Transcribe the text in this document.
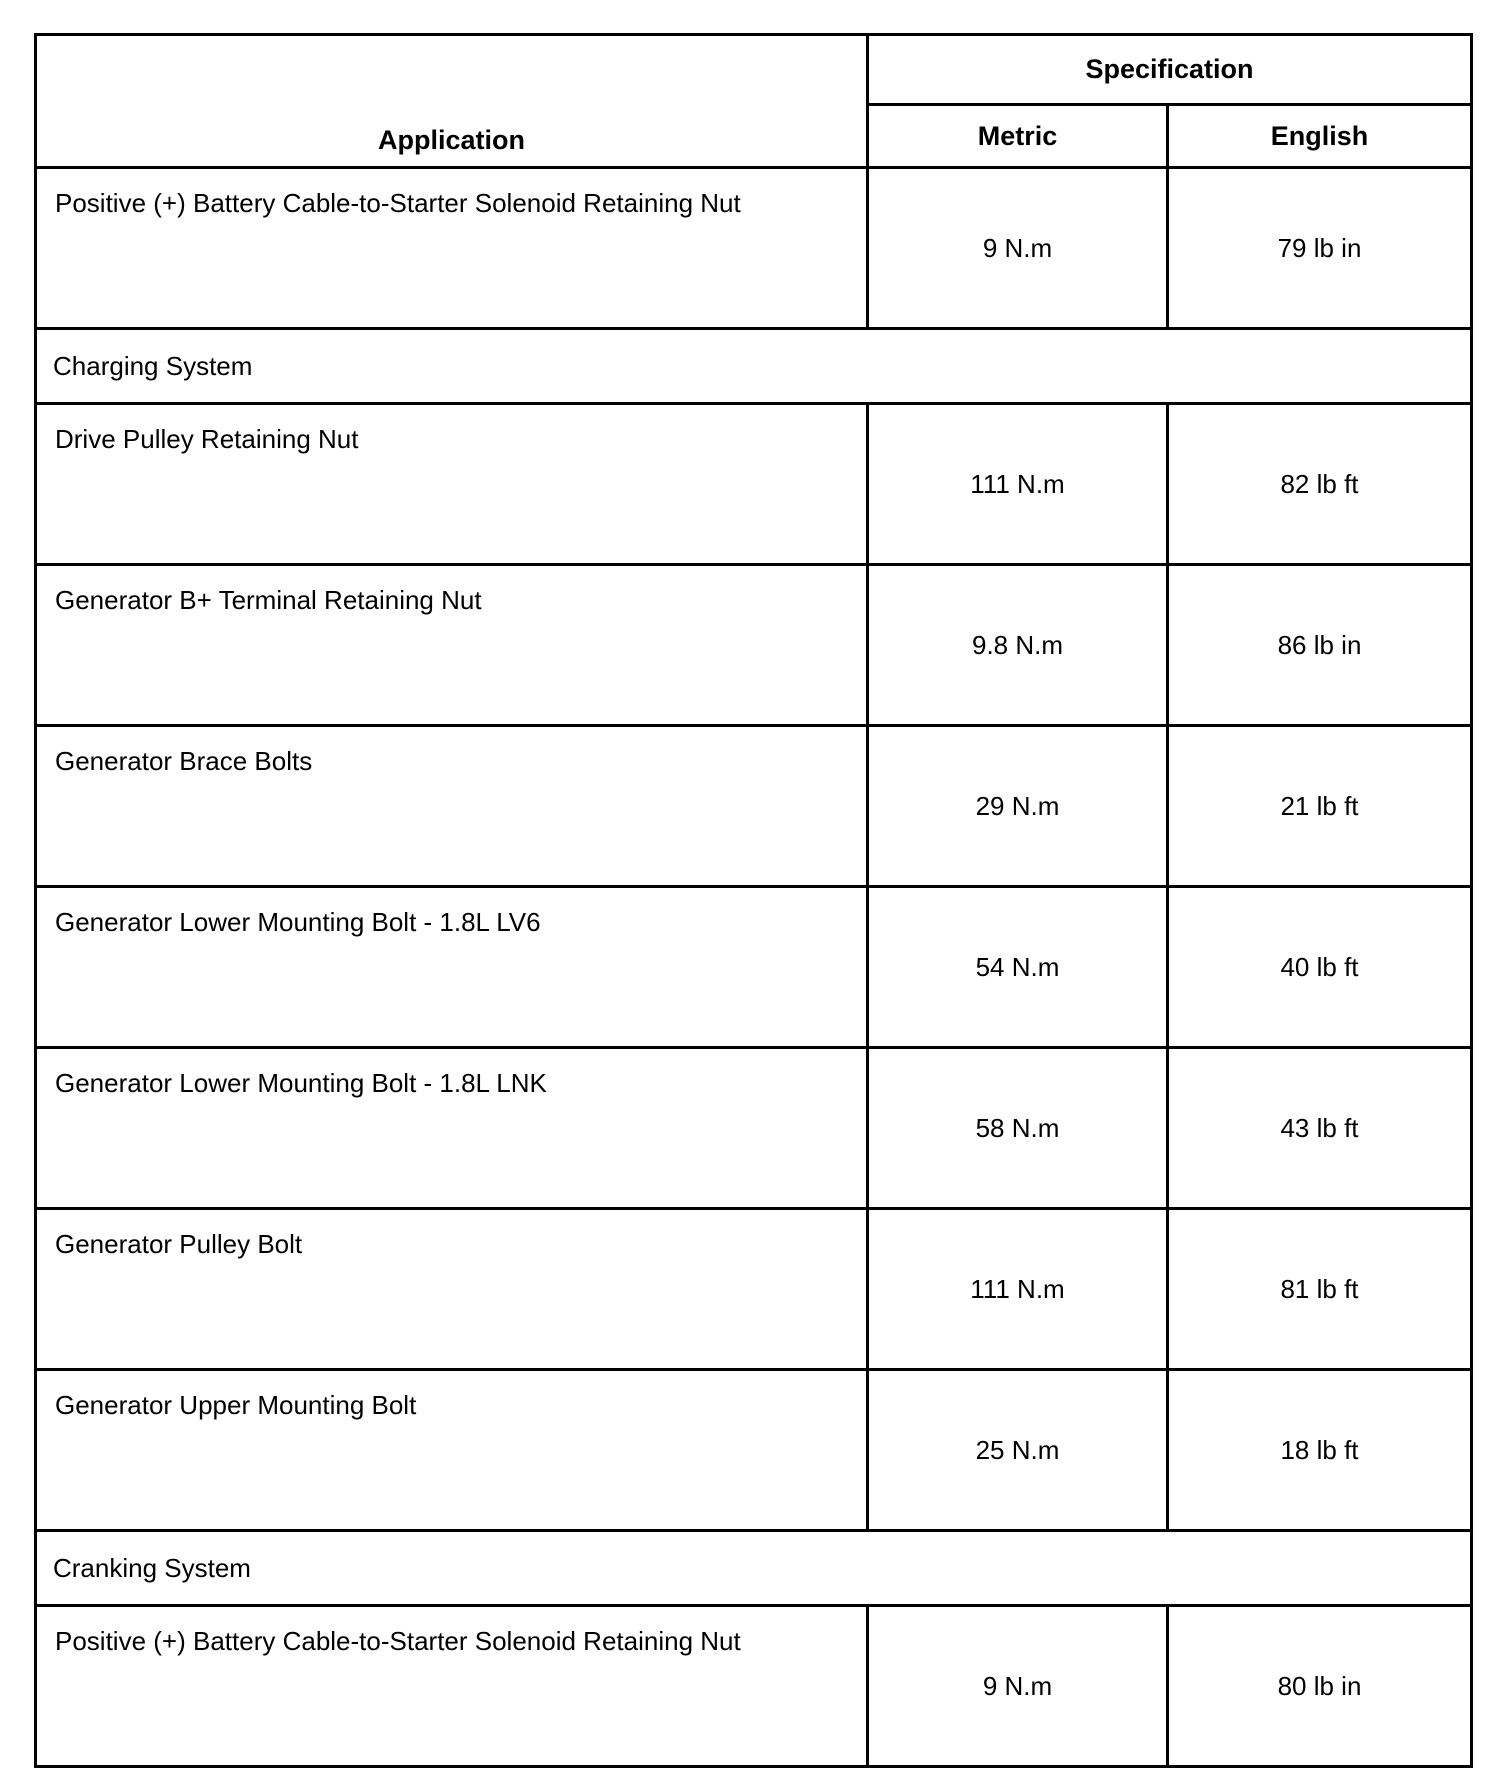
Application	Specification	
	Metric	English
Positive (+) Battery Cable-to-Starter Solenoid Retaining Nut	9 N.m	79 lb in
Charging System		
Drive Pulley Retaining Nut	111 N.m	82 lb ft
Generator B+ Terminal Retaining Nut	9.8 N.m	86 lb in
Generator Brace Bolts	29 N.m	21 lb ft
Generator Lower Mounting Bolt - 1.8L LV6	54 N.m	40 lb ft
Generator Lower Mounting Bolt - 1.8L LNK	58 N.m	43 lb ft
Generator Pulley Bolt	111 N.m	81 lb ft
Generator Upper Mounting Bolt	25 N.m	18 lb ft
Cranking System		
Positive (+) Battery Cable-to-Starter Solenoid Retaining Nut	9 N.m	80 lb in
